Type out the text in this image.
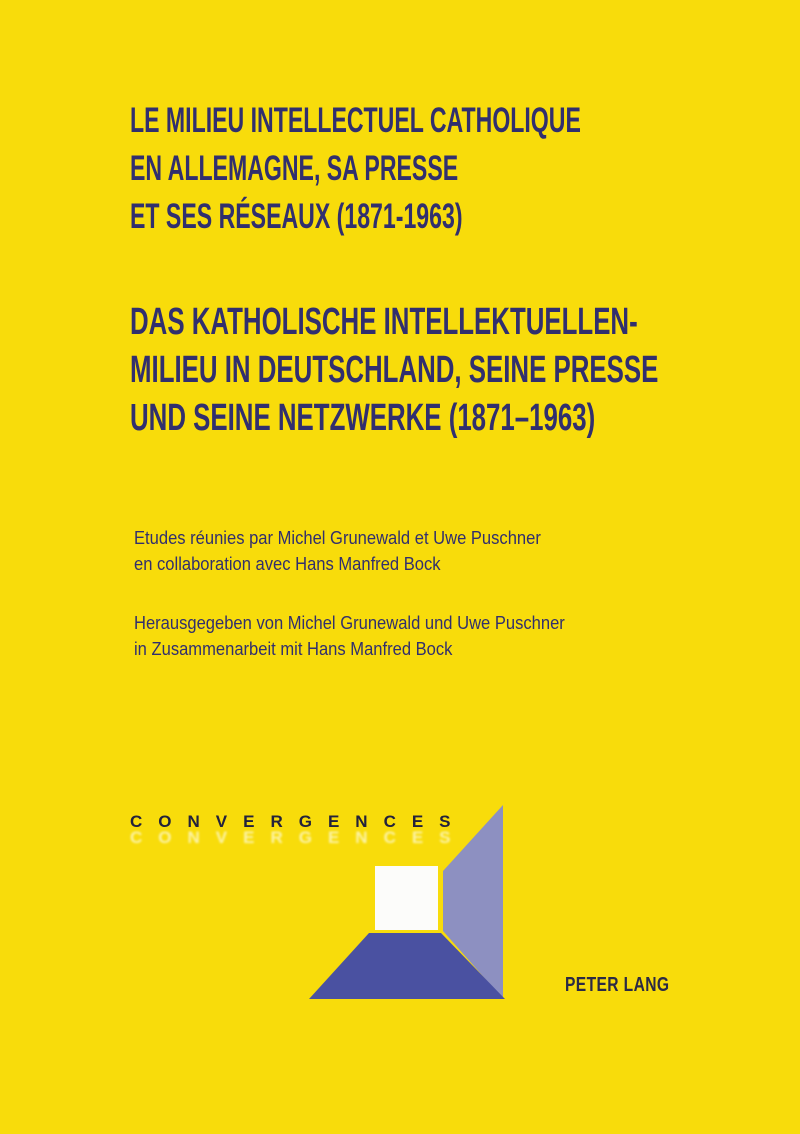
LE MILIEU INTELLECTUEL CATHOLIQUE
EN ALLEMAGNE, SA PRESSE
ET SES RÉSEAUX (1871-1963)
DAS KATHOLISCHE INTELLEKTUELLEN-
MILIEU IN DEUTSCHLAND, SEINE PRESSE
UND SEINE NETZWERKE (1871–1963)
Etudes réunies par Michel Grunewald et Uwe Puschner
en collaboration avec Hans Manfred Bock
Herausgegeben von Michel Grunewald und Uwe Puschner
in Zusammenarbeit mit Hans Manfred Bock
CONVERGENCES
PETER LANG
